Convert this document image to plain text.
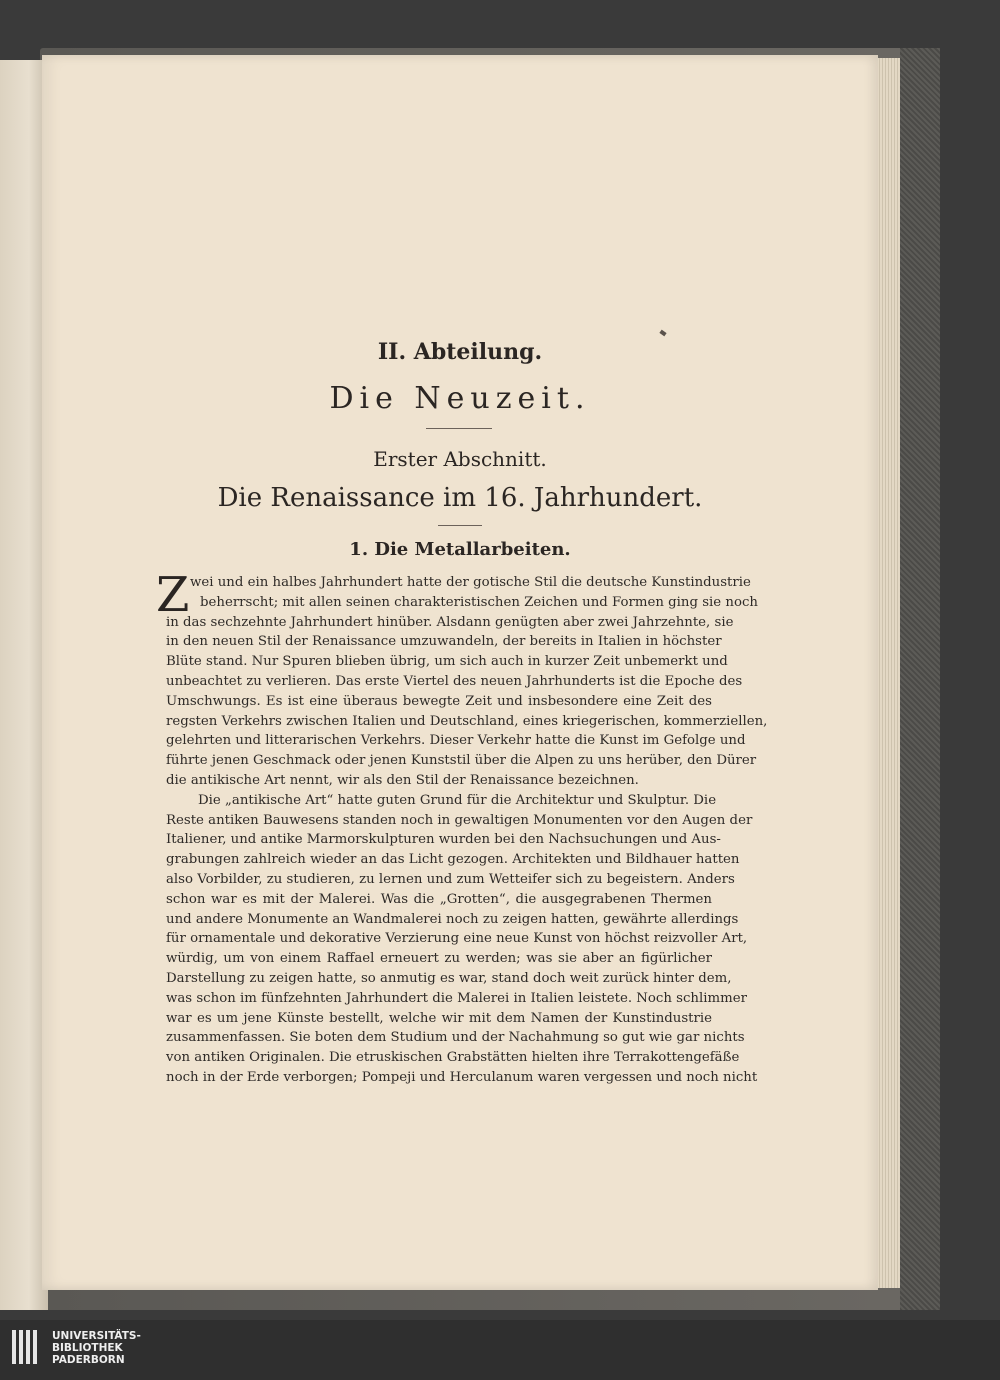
II. Abteilung.
Die Neuzeit.
Erster Abschnitt.
Die Renaissance im 16. Jahrhundert.
1. Die Metallarbeiten.
Z wei und ein halbes Jahrhundert hatte der gotische Stil die deutsche Kunstindustrie
beherrscht; mit allen seinen charakteristischen Zeichen und Formen ging sie noch
in das sechzehnte Jahrhundert hinüber. Alsdann genügten aber zwei Jahrzehnte, sie
in den neuen Stil der Renaissance umzuwandeln, der bereits in Italien in höchster
Blüte stand. Nur Spuren blieben übrig, um sich auch in kurzer Zeit unbemerkt und
unbeachtet zu verlieren. Das erste Viertel des neuen Jahrhunderts ist die Epoche des
Umschwungs. Es ist eine überaus bewegte Zeit und insbesondere eine Zeit des
regsten Verkehrs zwischen Italien und Deutschland, eines kriegerischen, kommerziellen,
gelehrten und litterarischen Verkehrs. Dieser Verkehr hatte die Kunst im Gefolge und
führte jenen Geschmack oder jenen Kunststil über die Alpen zu uns herüber, den Dürer
die antikische Art nennt, wir als den Stil der Renaissance bezeichnen.
Die „antikische Art“ hatte guten Grund für die Architektur und Skulptur. Die
Reste antiken Bauwesens standen noch in gewaltigen Monumenten vor den Augen der
Italiener, und antike Marmorskulpturen wurden bei den Nachsuchungen und Aus-
grabungen zahlreich wieder an das Licht gezogen. Architekten und Bildhauer hatten
also Vorbilder, zu studieren, zu lernen und zum Wetteifer sich zu begeistern. Anders
schon war es mit der Malerei. Was die „Grotten“, die ausgegrabenen Thermen
und andere Monumente an Wandmalerei noch zu zeigen hatten, gewährte allerdings
für ornamentale und dekorative Verzierung eine neue Kunst von höchst reizvoller Art,
würdig, um von einem Raffael erneuert zu werden; was sie aber an figürlicher
Darstellung zu zeigen hatte, so anmutig es war, stand doch weit zurück hinter dem,
was schon im fünfzehnten Jahrhundert die Malerei in Italien leistete. Noch schlimmer
war es um jene Künste bestellt, welche wir mit dem Namen der Kunstindustrie
zusammenfassen. Sie boten dem Studium und der Nachahmung so gut wie gar nichts
von antiken Originalen. Die etruskischen Grabstätten hielten ihre Terrakottengefäße
noch in der Erde verborgen; Pompeji und Herculanum waren vergessen und noch nicht
UNIVERSITÄTS-
BIBLIOTHEK
PADERBORN
